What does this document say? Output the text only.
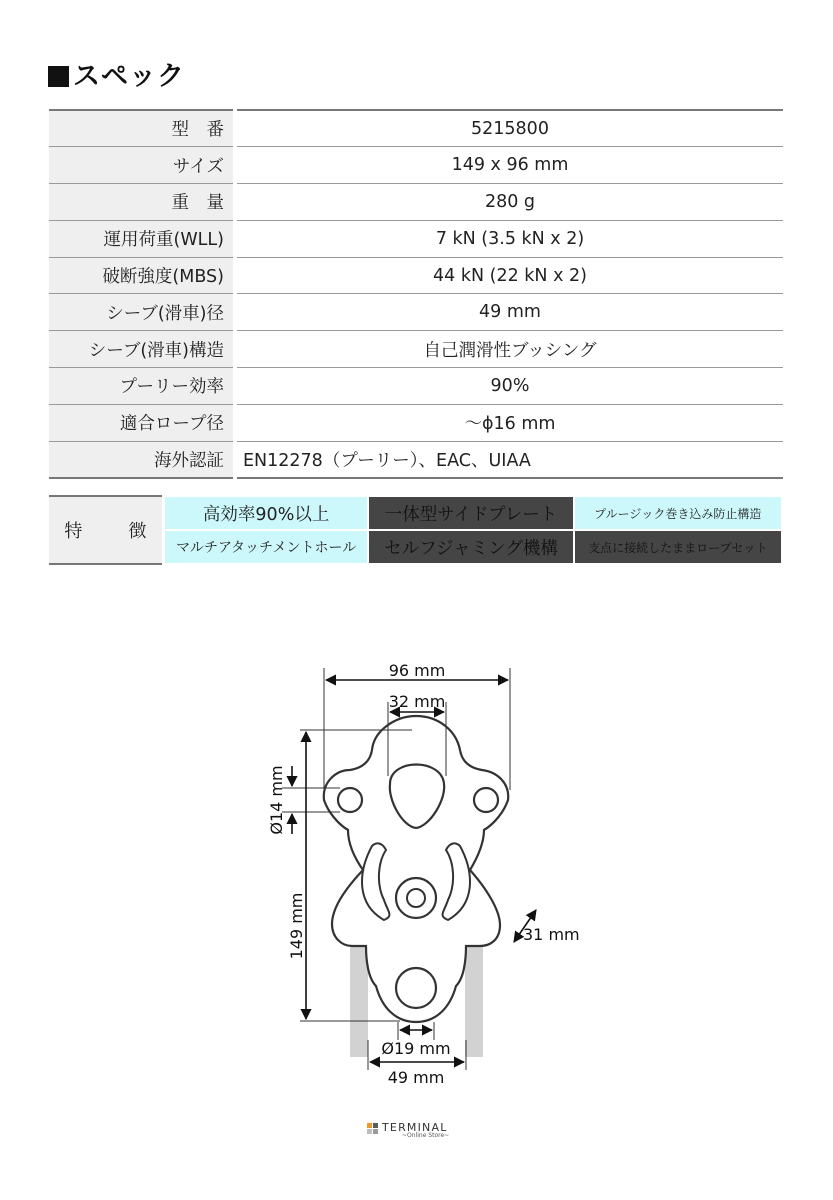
スペック
型　番	5215800
サイズ	149 x 96 mm
重　量	280 g
運用荷重(WLL)	7 kN (3.5 kN x 2)
破断強度(MBS)	44 kN (22 kN x 2)
シーブ(滑車)径	49 mm
シーブ(滑車)構造	自己潤滑性ブッシング
プーリー効率	90%
適合ロープ径	～ϕ16 mm
海外認証	EN12278（プーリー）、EAC、UIAA
特　徴	高効率90%以上	一体型サイドプレート	プルージック巻き込み防止構造
	マルチアタッチメントホール	セルフジャミング機構	支点に接続したままロープセット
96 mm
32 mm
Ø14 mm
149 mm	31 mm
Ø19 mm
49 mm
TERMINAL
~Online Store~
